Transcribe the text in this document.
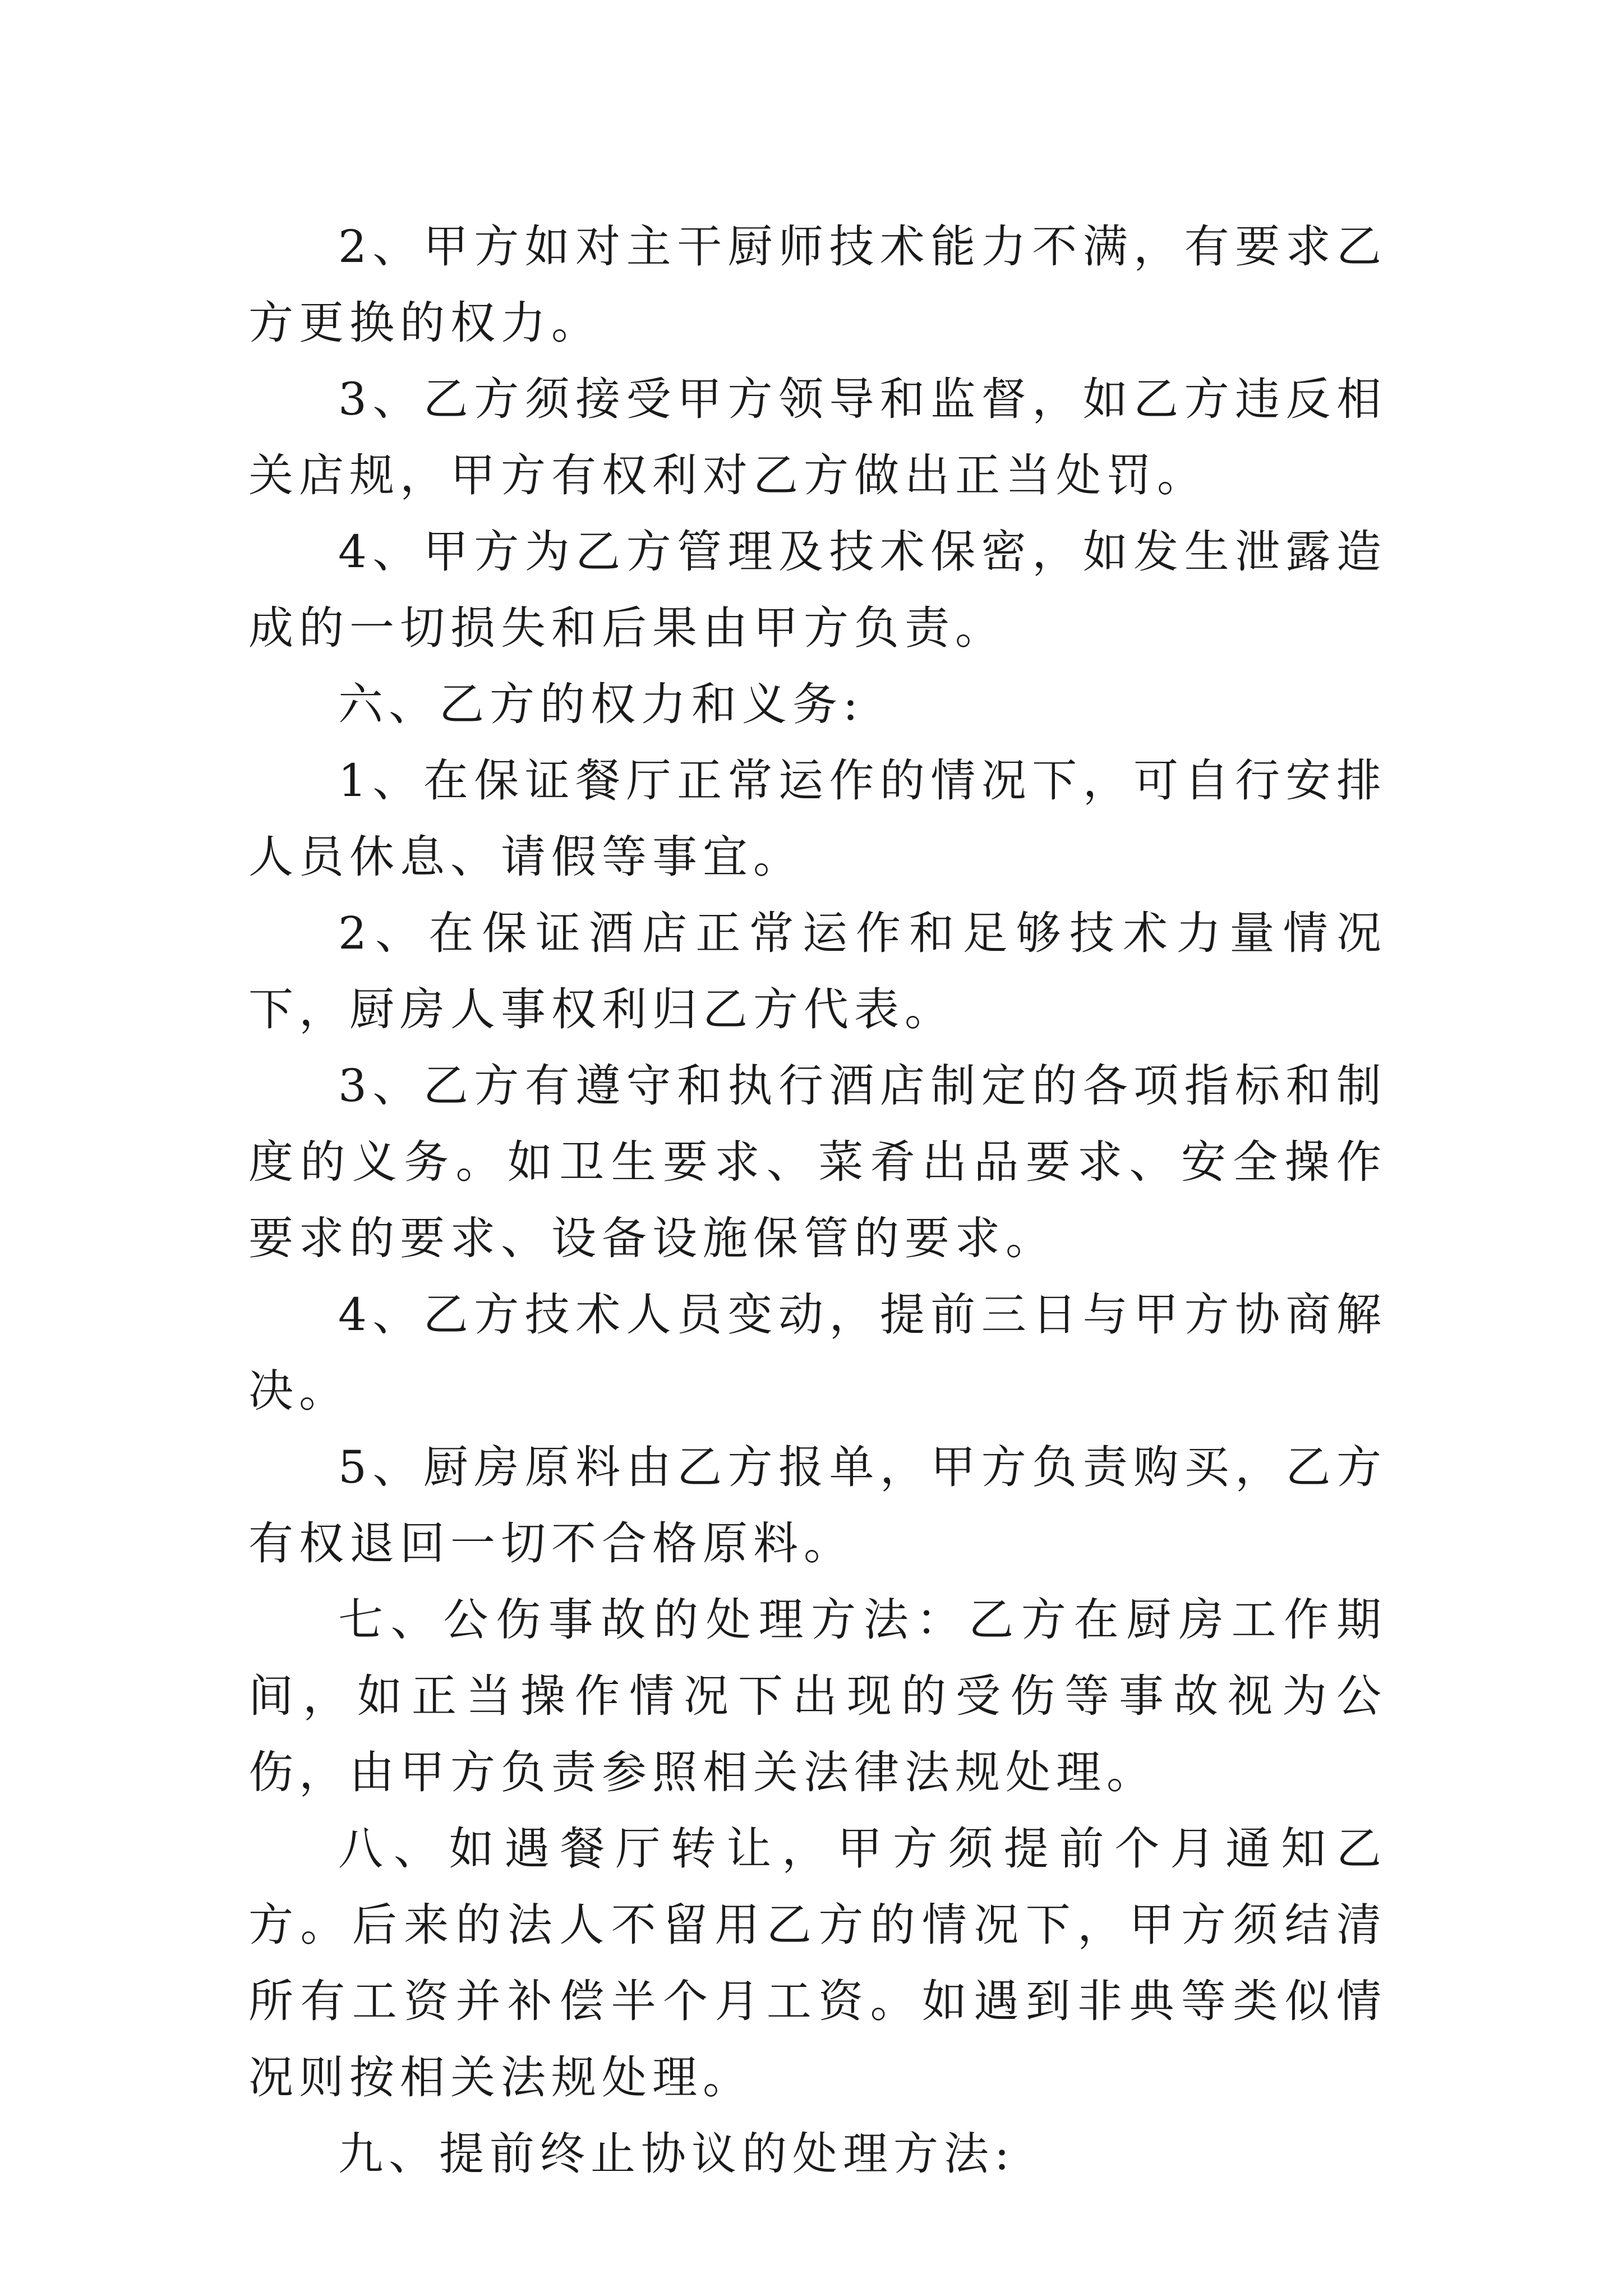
2、甲方如对主干厨师技术能力不满，有要求乙方更换的权力。

3、乙方须接受甲方领导和监督，如乙方违反相关店规，甲方有权利对乙方做出正当处罚。

4、甲方为乙方管理及技术保密，如发生泄露造成的一切损失和后果由甲方负责。

六、乙方的权力和义务:

1、在保证餐厅正常运作的情况下，可自行安排人员休息、请假等事宜。

2、在保证酒店正常运作和足够技术力量情况下，厨房人事权利归乙方代表。

3、乙方有遵守和执行酒店制定的各项指标和制度的义务。如卫生要求、菜肴出品要求、安全操作要求的要求、设备设施保管的要求。

4、乙方技术人员变动，提前三日与甲方协商解决。

5、厨房原料由乙方报单，甲方负责购买，乙方有权退回一切不合格原料。

七、公伤事故的处理方法：乙方在厨房工作期间，如正当操作情况下出现的受伤等事故视为公伤，由甲方负责参照相关法律法规处理。

八、如遇餐厅转让，甲方须提前个月通知乙方。后来的法人不留用乙方的情况下，甲方须结清所有工资并补偿半个月工资。如遇到非典等类似情况则按相关法规处理。

九、提前终止协议的处理方法:
